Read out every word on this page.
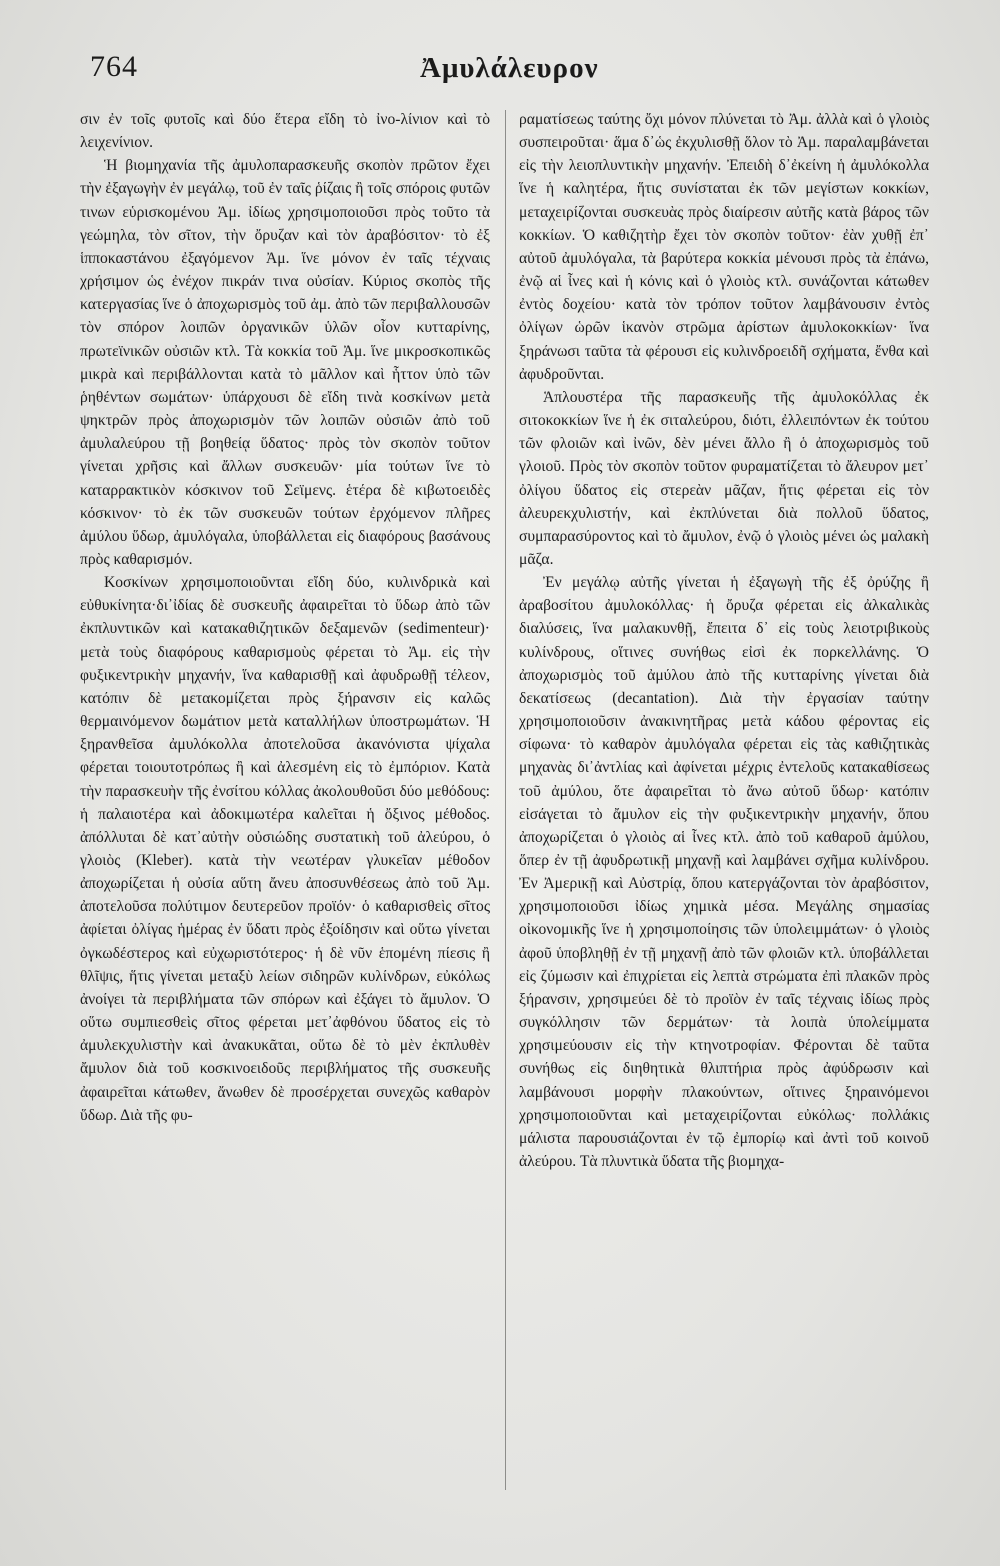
764	Ἀμυλάλευρον

σιν ἐν τοῖς φυτοῖς καὶ δύο ἕτερα εἴδη τὸ ἰνο-λίνιον καὶ τὸ λειχενίνιον.

Ἡ βιομηχανία τῆς ἀμυλοπαρασκευῆς σκοπὸν πρῶτον ἔχει τὴν ἐξαγωγὴν ἐν μεγάλῳ, τοῦ ἐν ταῖς ῥίζαις ἢ τοῖς σπόροις φυτῶν τινων εὑρισκομένου Ἀμ. ἰδίως χρησιμοποιοῦσι πρὸς τοῦτο τὰ γεώμηλα, τὸν σῖτον, τὴν ὄρυζαν καὶ τὸν ἀραβόσιτον· τὸ ἐξ ἱπποκαστάνου ἐξαγόμενον Ἀμ. ἵνε μόνον ἐν ταῖς τέχναις χρήσιμον ὡς ἐνέχον πικράν τινα οὐσίαν. Κύριος σκοπὸς τῆς κατεργασίας ἵνε ὁ ἀποχωρισμὸς τοῦ ἀμ. ἀπὸ τῶν περιβαλλουσῶν τὸν σπόρον λοιπῶν ὀργανικῶν ὑλῶν οἷον κυτταρίνης, πρωτεϊνικῶν οὐσιῶν κτλ. Τὰ κοκκία τοῦ Ἀμ. ἵνε μικροσκοπικῶς μικρὰ καὶ περιβάλλονται κατὰ τὸ μᾶλλον καὶ ἧττον ὑπὸ τῶν ῥηθέντων σωμάτων· ὑπάρχουσι δὲ εἴδη τινὰ κοσκίνων μετὰ ψηκτρῶν πρὸς ἀποχωρισμὸν τῶν λοιπῶν οὐσιῶν ἀπὸ τοῦ ἀμυλαλεύρου τῇ βοηθείᾳ ὕδατος· πρὸς τὸν σκοπὸν τοῦτον γίνεται χρῆσις καὶ ἄλλων συσκευῶν· μία τούτων ἵνε τὸ καταρρακτικὸν κόσκινον τοῦ Σεϊμενς. ἑτέρα δὲ κιβωτοειδὲς κόσκινον· τὸ ἐκ τῶν συσκευῶν τούτων ἐρχόμενον πλῆρες ἀμύλου ὕδωρ, ἀμυλόγαλα, ὑποβάλλεται εἰς διαφόρους βασάνους πρὸς καθαρισμόν.

Κοσκίνων χρησιμοποιοῦνται εἴδη δύο, κυλινδρικὰ καὶ εὐθυκίνητα·δι᾽ἰδίας δὲ συσκευῆς ἀφαιρεῖται τὸ ὕδωρ ἀπὸ τῶν ἐκπλυντικῶν καὶ κατακαθιζητικῶν δεξαμενῶν (sedimenteur)· μετὰ τοὺς διαφόρους καθαρισμοὺς φέρεται τὸ Ἀμ. εἰς τὴν φυξικεντρικὴν μηχανήν, ἵνα καθαρισθῇ καὶ ἀφυδρωθῇ τέλεον, κατόπιν δὲ μετακομίζεται πρὸς ξήρανσιν εἰς καλῶς θερμαινόμενον δωμάτιον μετὰ καταλλήλων ὑποστρωμάτων. Ἡ ξηρανθεῖσα ἀμυλόκολλα ἀποτελοῦσα ἀκανόνιστα ψίχαλα φέρεται τοιουτοτρόπως ἢ καὶ ἀλεσμένη εἰς τὸ ἐμπόριον. Κατὰ τὴν παρασκευὴν τῆς ἐνσίτου κόλλας ἀκολουθοῦσι δύο μεθόδους: ἡ παλαιοτέρα καὶ ἀδοκιμωτέρα καλεῖται ἡ ὄξινος μέθοδος. ἀπόλλυται δὲ κατ᾽αὐτὴν οὐσιώδης συστατικὴ τοῦ ἀλεύρου, ὁ γλοιὸς (Kleber). κατὰ τὴν νεωτέραν γλυκεῖαν μέθοδον ἀποχωρίζεται ἡ οὐσία αὕτη ἄνευ ἀποσυνθέσεως ἀπὸ τοῦ Ἀμ. ἀποτελοῦσα πολύτιμον δευτερεῦον προϊόν· ὁ καθαρισθεὶς σῖτος ἀφίεται ὀλίγας ἡμέρας ἐν ὕδατι πρὸς ἐξοίδησιν καὶ οὕτω γίνεται ὀγκωδέστερος καὶ εὐχωριστότερος· ἡ δὲ νῦν ἑπομένη πίεσις ἢ θλῖψις, ἥτις γίνεται μεταξὺ λείων σιδηρῶν κυλίνδρων, εὐκόλως ἀνοίγει τὰ περιβλήματα τῶν σπόρων καὶ ἐξάγει τὸ ἄμυλον. Ὁ οὕτω συμπιεσθεὶς σῖτος φέρεται μετ᾽ἀφθόνου ὕδατος εἰς τὸ ἀμυλεκχυλιστὴν καὶ ἀνακυκᾶται, οὕτω δὲ τὸ μὲν ἐκπλυθὲν ἄμυλον διὰ τοῦ κοσκινοειδοῦς περιβλήματος τῆς συσκευῆς ἀφαιρεῖται κάτωθεν, ἄνωθεν δὲ προσέρχεται συνεχῶς καθαρὸν ὕδωρ. Διὰ τῆς φυ-

ραματίσεως ταύτης ὄχι μόνον πλύνεται τὸ Ἀμ. ἀλλὰ καὶ ὁ γλοιὸς συσπειροῦται· ἅμα δ᾽ὡς ἐκχυλισθῇ ὅλον τὸ Ἀμ. παραλαμβάνεται εἰς τὴν λειοπλυντικὴν μηχανήν. Ἐπειδὴ δ᾽ἐκείνη ἡ ἀμυλόκολλα ἵνε ἡ καλητέρα, ἥτις συνίσταται ἐκ τῶν μεγίστων κοκκίων, μεταχειρίζονται συσκευὰς πρὸς διαίρεσιν αὐτῆς κατὰ βάρος τῶν κοκκίων. Ὁ καθιζητὴρ ἔχει τὸν σκοπὸν τοῦτον· ἐὰν χυθῇ ἐπ᾽ αὐτοῦ ἀμυλόγαλα, τὰ βαρύτερα κοκκία μένουσι πρὸς τὰ ἐπάνω, ἐνῷ αἱ ἶνες καὶ ἡ κόνις καὶ ὁ γλοιὸς κτλ. συνάζονται κάτωθεν ἐντὸς δοχείου· κατὰ τὸν τρόπον τοῦτον λαμβάνουσιν ἐντὸς ὀλίγων ὡρῶν ἱκανὸν στρῶμα ἀρίστων ἀμυλοκοκκίων· ἵνα ξηράνωσι ταῦτα τὰ φέρουσι εἰς κυλινδροειδῆ σχήματα, ἔνθα καὶ ἀφυδροῦνται.

Ἁπλουστέρα τῆς παρασκευῆς τῆς ἀμυλοκόλλας ἐκ σιτοκοκκίων ἵνε ἡ ἐκ σιταλεύρου, διότι, ἐλλειπόντων ἐκ τούτου τῶν φλοιῶν καὶ ἰνῶν, δὲν μένει ἄλλο ἢ ὁ ἀποχωρισμὸς τοῦ γλοιοῦ. Πρὸς τὸν σκοπὸν τοῦτον φυραματίζεται τὸ ἄλευρον μετ᾽ ὀλίγου ὕδατος εἰς στερεὰν μᾶζαν, ἥτις φέρεται εἰς τὸν ἀλευρεκχυλιστήν, καὶ ἐκπλύνεται διὰ πολλοῦ ὕδατος, συμπαρασύροντος καὶ τὸ ἄμυλον, ἐνῷ ὁ γλοιὸς μένει ὡς μαλακὴ μᾶζα.

Ἐν μεγάλῳ αὐτῆς γίνεται ἡ ἐξαγωγὴ τῆς ἐξ ὀρύζης ἢ ἀραβοσίτου ἀμυλοκόλλας· ἡ ὄρυζα φέρεται εἰς ἀλκαλικὰς διαλύσεις, ἵνα μαλακυνθῇ, ἔπειτα δ᾽ εἰς τοὺς λειοτριβικοὺς κυλίνδρους, οἵτινες συνήθως εἰσὶ ἐκ πορκελλάνης. Ὁ ἀποχωρισμὸς τοῦ ἀμύλου ἀπὸ τῆς κυτταρίνης γίνεται διὰ δεκατίσεως (decantation). Διὰ τὴν ἐργασίαν ταύτην χρησιμοποιοῦσιν ἀνακινητῆρας μετὰ κάδου φέροντας εἰς σίφωνα· τὸ καθαρὸν ἀμυλόγαλα φέρεται εἰς τὰς καθιζητικὰς μηχανὰς δι᾽ἀντλίας καὶ ἀφίνεται μέχρις ἐντελοῦς κατακαθίσεως τοῦ ἀμύλου, ὅτε ἀφαιρεῖται τὸ ἄνω αὐτοῦ ὕδωρ· κατόπιν εἰσάγεται τὸ ἄμυλον εἰς τὴν φυξικεντρικὴν μηχανήν, ὅπου ἀποχωρίζεται ὁ γλοιὸς αἱ ἶνες κτλ. ἀπὸ τοῦ καθαροῦ ἀμύλου, ὅπερ ἐν τῇ ἀφυδρωτικῇ μηχανῇ καὶ λαμβάνει σχῆμα κυλίνδρου. Ἐν Ἀμερικῇ καὶ Αὐστρίᾳ, ὅπου κατεργάζονται τὸν ἀραβόσιτον, χρησιμοποιοῦσι ἰδίως χημικὰ μέσα. Μεγάλης σημασίας οἰκονομικῆς ἵνε ἡ χρησιμοποίησις τῶν ὑπολειμμάτων· ὁ γλοιὸς ἀφοῦ ὑποβληθῇ ἐν τῇ μηχανῇ ἀπὸ τῶν φλοιῶν κτλ. ὑποβάλλεται εἰς ζύμωσιν καὶ ἐπιχρίεται εἰς λεπτὰ στρώματα ἐπὶ πλακῶν πρὸς ξήρανσιν, χρησιμεύει δὲ τὸ προϊὸν ἐν ταῖς τέχναις ἰδίως πρὸς συγκόλλησιν τῶν δερμάτων· τὰ λοιπὰ ὑπολείμματα χρησιμεύουσιν εἰς τὴν κτηνοτροφίαν. Φέρονται δὲ ταῦτα συνήθως εἰς διηθητικὰ θλιπτήρια πρὸς ἀφύδρωσιν καὶ λαμβάνουσι μορφὴν πλακούντων, οἵτινες ξηραινόμενοι χρησιμοποιοῦνται καὶ μεταχειρίζονται εὐκόλως· πολλάκις μάλιστα παρουσιάζονται ἐν τῷ ἐμπορίῳ καὶ ἀντὶ τοῦ κοινοῦ ἀλεύρου. Τὰ πλυντικὰ ὕδατα τῆς βιομηχα-
